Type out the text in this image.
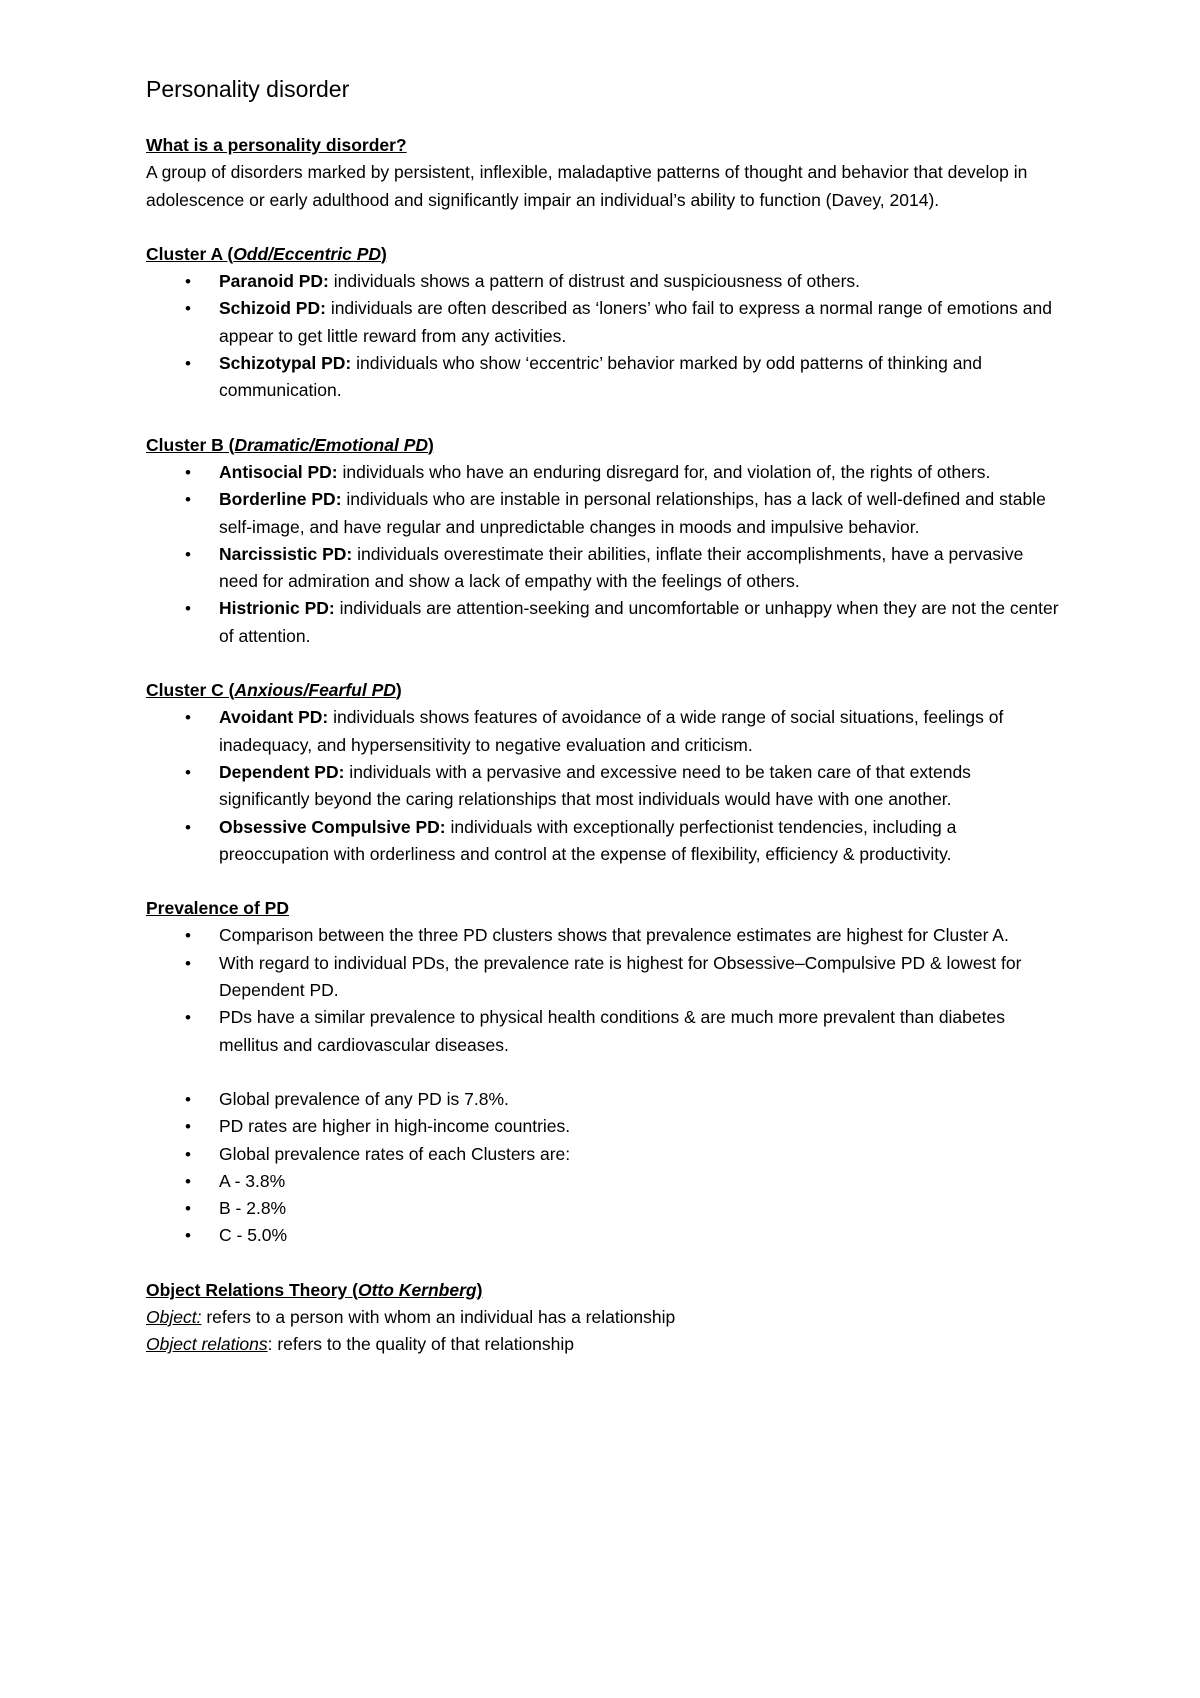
Personality disorder

What is a personality disorder?

A group of disorders marked by persistent, inflexible, maladaptive patterns of thought and behavior that develop in adolescence or early adulthood and significantly impair an individual’s ability to function (Davey, 2014).

Cluster A (Odd/Eccentric PD)

• Paranoid PD: individuals shows a pattern of distrust and suspiciousness of others.
• Schizoid PD: individuals are often described as ‘loners’ who fail to express a normal range of emotions and appear to get little reward from any activities.
• Schizotypal PD: individuals who show ‘eccentric’ behavior marked by odd patterns of thinking and communication.

Cluster B (Dramatic/Emotional PD)

• Antisocial PD: individuals who have an enduring disregard for, and violation of, the rights of others.
• Borderline PD: individuals who are instable in personal relationships, has a lack of well-defined and stable self-image, and have regular and unpredictable changes in moods and impulsive behavior.
• Narcissistic PD: individuals overestimate their abilities, inflate their accomplishments, have a pervasive need for admiration and show a lack of empathy with the feelings of others.
• Histrionic PD: individuals are attention-seeking and uncomfortable or unhappy when they are not the center of attention.

Cluster C (Anxious/Fearful PD)

• Avoidant PD: individuals shows features of avoidance of a wide range of social situations, feelings of inadequacy, and hypersensitivity to negative evaluation and criticism.
• Dependent PD: individuals with a pervasive and excessive need to be taken care of that extends significantly beyond the caring relationships that most individuals would have with one another.
• Obsessive Compulsive PD: individuals with exceptionally perfectionist tendencies, including a preoccupation with orderliness and control at the expense of flexibility, efficiency & productivity.

Prevalence of PD

• Comparison between the three PD clusters shows that prevalence estimates are highest for Cluster A.
• With regard to individual PDs, the prevalence rate is highest for Obsessive–Compulsive PD & lowest for Dependent PD.
• PDs have a similar prevalence to physical health conditions & are much more prevalent than diabetes mellitus and cardiovascular diseases.
• Global prevalence of any PD is 7.8%.
• PD rates are higher in high-income countries.
• Global prevalence rates of each Clusters are:
• A - 3.8%
• B - 2.8%
• C - 5.0%

Object Relations Theory (Otto Kernberg)

Object: refers to a person with whom an individual has a relationship

Object relations: refers to the quality of that relationship
